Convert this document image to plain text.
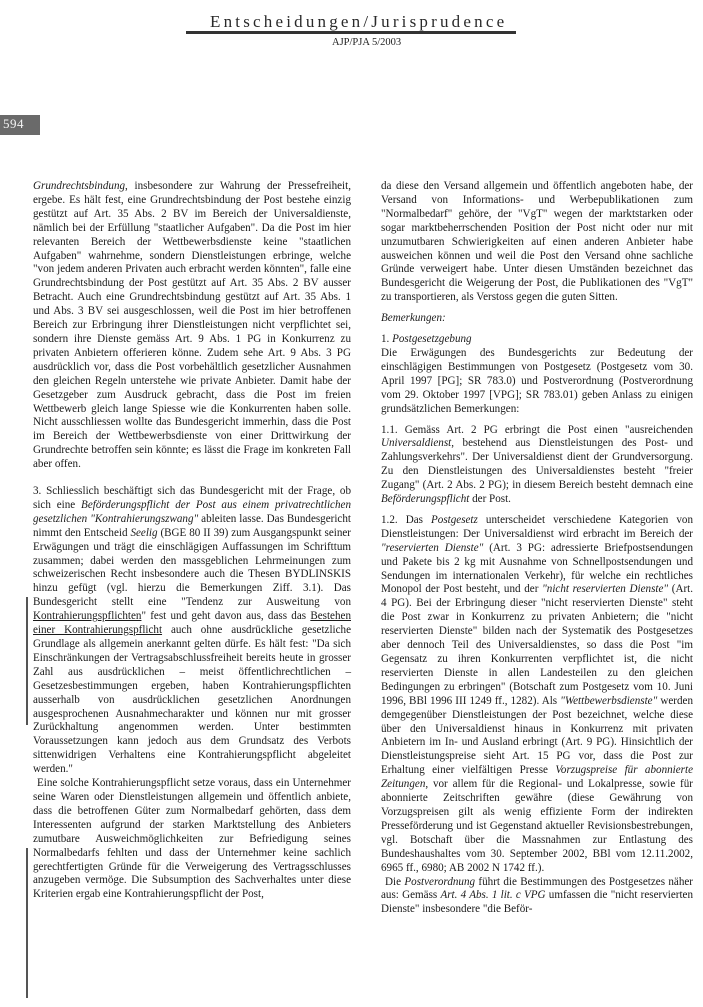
Entscheidungen/Jurisprudence
AJP/PJA 5/2003
594

Grundrechtsbindung, insbesondere zur Wahrung der Pressefreiheit, ergebe. Es hält fest, eine Grundrechtsbindung der Post bestehe einzig gestützt auf Art. 35 Abs. 2 BV im Bereich der Universaldienste, nämlich bei der Erfüllung "staatlicher Aufgaben". Da die Post im hier relevanten Bereich der Wettbewerbsdienste keine "staatlichen Aufgaben" wahrnehme, sondern Dienstleistungen erbringe, welche "von jedem anderen Privaten auch erbracht werden könnten", falle eine Grundrechtsbindung der Post gestützt auf Art. 35 Abs. 2 BV ausser Betracht. Auch eine Grundrechtsbindung gestützt auf Art. 35 Abs. 1 und Abs. 3 BV sei ausgeschlossen, weil die Post im hier betroffenen Bereich zur Erbringung ihrer Dienstleistungen nicht verpflichtet sei, sondern ihre Dienste gemäss Art. 9 Abs. 1 PG in Konkurrenz zu privaten Anbietern offerieren könne. Zudem sehe Art. 9 Abs. 3 PG ausdrücklich vor, dass die Post vorbehältlich gesetzlicher Ausnahmen den gleichen Regeln unterstehe wie private Anbieter. Damit habe der Gesetzgeber zum Ausdruck gebracht, dass die Post im freien Wettbewerb gleich lange Spiesse wie die Konkurrenten haben solle. Nicht ausschliessen wollte das Bundesgericht immerhin, dass die Post im Bereich der Wettbewerbsdienste von einer Drittwirkung der Grundrechte betroffen sein könnte; es lässt die Frage im konkreten Fall aber offen.

3. Schliesslich beschäftigt sich das Bundesgericht mit der Frage, ob sich eine Beförderungspflicht der Post aus einem privatrechtlichen gesetzlichen "Kontrahierungszwang" ableiten lasse. Das Bundesgericht nimmt den Entscheid Seelig (BGE 80 II 39) zum Ausgangspunkt seiner Erwägungen und trägt die einschlägigen Auffassungen im Schrifttum zusammen; dabei werden den massgeblichen Lehrmeinungen zum schweizerischen Recht insbesondere auch die Thesen BYDLINSKIS hinzu gefügt (vgl. hierzu die Bemerkungen Ziff. 3.1). Das Bundesgericht stellt eine "Tendenz zur Ausweitung von Kontrahierungspflichten" fest und geht davon aus, dass das Bestehen einer Kontrahierungspflicht auch ohne ausdrückliche gesetzliche Grundlage als allgemein anerkannt gelten dürfe. Es hält fest: "Da sich Einschränkungen der Vertragsabschlussfreiheit bereits heute in grosser Zahl aus ausdrücklichen – meist öffentlichrechtlichen – Gesetzesbestimmungen ergeben, haben Kontrahierungspflichten ausserhalb von ausdrücklichen gesetzlichen Anordnungen ausgesprochenen Ausnahmecharakter und können nur mit grosser Zurückhaltung angenommen werden. Unter bestimmten Voraussetzungen kann jedoch aus dem Grundsatz des Verbots sittenwidrigen Verhaltens eine Kontrahierungspflicht abgeleitet werden."

Eine solche Kontrahierungspflicht setze voraus, dass ein Unternehmer seine Waren oder Dienstleistungen allgemein und öffentlich anbiete, dass die betroffenen Güter zum Normalbedarf gehörten, dass dem Interessenten aufgrund der starken Marktstellung des Anbieters zumutbare Ausweichmöglichkeiten zur Befriedigung seines Normalbedarfs fehlten und dass der Unternehmer keine sachlich gerechtfertigten Gründe für die Verweigerung des Vertragsschlusses anzugeben vermöge. Die Subsumption des Sachverhaltes unter diese Kriterien ergab eine Kontrahierungspflicht der Post,

da diese den Versand allgemein und öffentlich angeboten habe, der Versand von Informations- und Werbepublikationen zum "Normalbedarf" gehöre, der "VgT" wegen der marktstarken oder sogar marktbeherrschenden Position der Post nicht oder nur mit unzumutbaren Schwierigkeiten auf einen anderen Anbieter habe ausweichen können und weil die Post den Versand ohne sachliche Gründe verweigert habe. Unter diesen Umständen bezeichnet das Bundesgericht die Weigerung der Post, die Publikationen des "VgT" zu transportieren, als Verstoss gegen die guten Sitten.

Bemerkungen:

1. Postgesetzgebung

Die Erwägungen des Bundesgerichts zur Bedeutung der einschlägigen Bestimmungen von Postgesetz (Postgesetz vom 30. April 1997 [PG]; SR 783.0) und Postverordnung (Postverordnung vom 29. Oktober 1997 [VPG]; SR 783.01) geben Anlass zu einigen grundsätzlichen Bemerkungen:

1.1. Gemäss Art. 2 PG erbringt die Post einen "ausreichenden Universaldienst, bestehend aus Dienstleistungen des Post- und Zahlungsverkehrs". Der Universaldienst dient der Grundversorgung. Zu den Dienstleistungen des Universaldienstes besteht "freier Zugang" (Art. 2 Abs. 2 PG); in diesem Bereich besteht demnach eine Beförderungspflicht der Post.

1.2. Das Postgesetz unterscheidet verschiedene Kategorien von Dienstleistungen: Der Universaldienst wird erbracht im Bereich der "reservierten Dienste" (Art. 3 PG: adressierte Briefpostsendungen und Pakete bis 2 kg mit Ausnahme von Schnellpostsendungen und Sendungen im internationalen Verkehr), für welche ein rechtliches Monopol der Post besteht, und der "nicht reservierten Dienste" (Art. 4 PG). Bei der Erbringung dieser "nicht reservierten Dienste" steht die Post zwar in Konkurrenz zu privaten Anbietern; die "nicht reservierten Dienste" bilden nach der Systematik des Postgesetzes aber dennoch Teil des Universaldienstes, so dass die Post "im Gegensatz zu ihren Konkurrenten verpflichtet ist, die nicht reservierten Dienste in allen Landesteilen zu den gleichen Bedingungen zu erbringen" (Botschaft zum Postgesetz vom 10. Juni 1996, BBl 1996 III 1249 ff., 1282). Als "Wettbewerbsdienste" werden demgegenüber Dienstleistungen der Post bezeichnet, welche diese über den Universaldienst hinaus in Konkurrenz mit privaten Anbietern im In- und Ausland erbringt (Art. 9 PG). Hinsichtlich der Dienstleistungspreise sieht Art. 15 PG vor, dass die Post zur Erhaltung einer vielfältigen Presse Vorzugspreise für abonnierte Zeitungen, vor allem für die Regional- und Lokalpresse, sowie für abonnierte Zeitschriften gewähre (diese Gewährung von Vorzugspreisen gilt als wenig effiziente Form der indirekten Presseförderung und ist Gegenstand aktueller Revisionsbestrebungen, vgl. Botschaft über die Massnahmen zur Entlastung des Bundeshaushaltes vom 30. September 2002, BBl vom 12.11.2002, 6965 ff., 6980; AB 2002 N 1742 ff.).

Die Postverordnung führt die Bestimmungen des Postgesetzes näher aus: Gemäss Art. 4 Abs. 1 lit. c VPG umfassen die "nicht reservierten Dienste" insbesondere "die Beför-
